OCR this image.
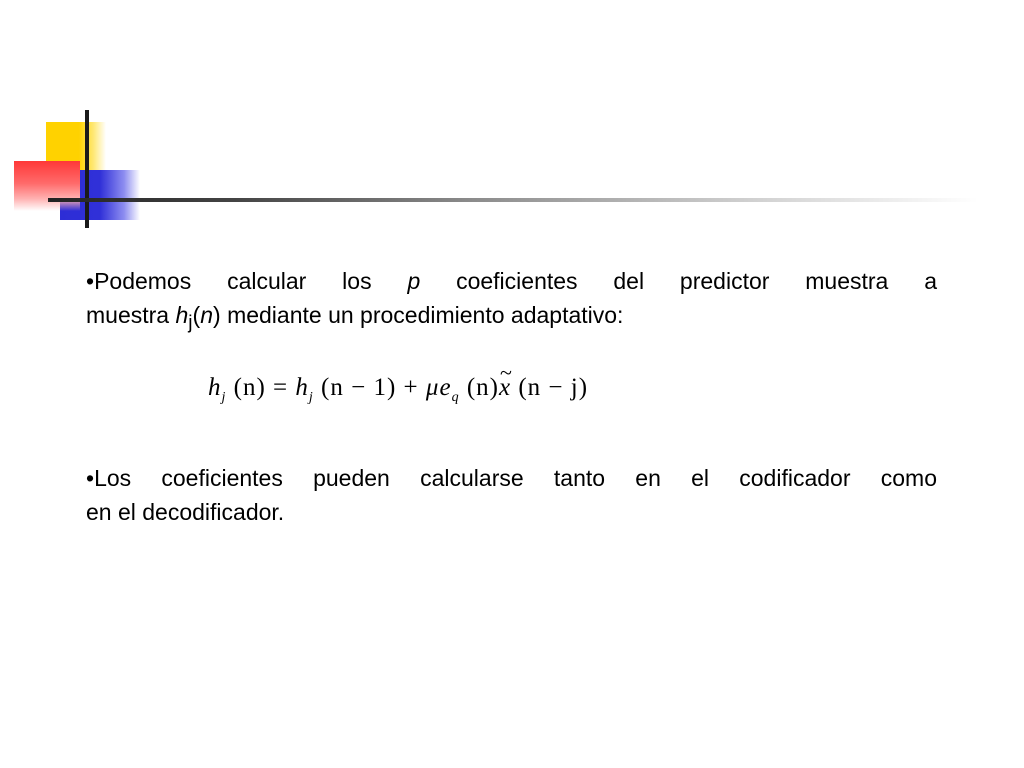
•Podemos calcular los p coeficientes del predictor muestra a

muestra $h_j(n)$ mediante un procedimiento adaptativo:

$h_j$ $(n) = h_j$ $(n - 1) + \mu e_q$ (n)~ x (n − j)

•Los coeficientes pueden calcularse tanto en el codificador como

en el decodificador.
